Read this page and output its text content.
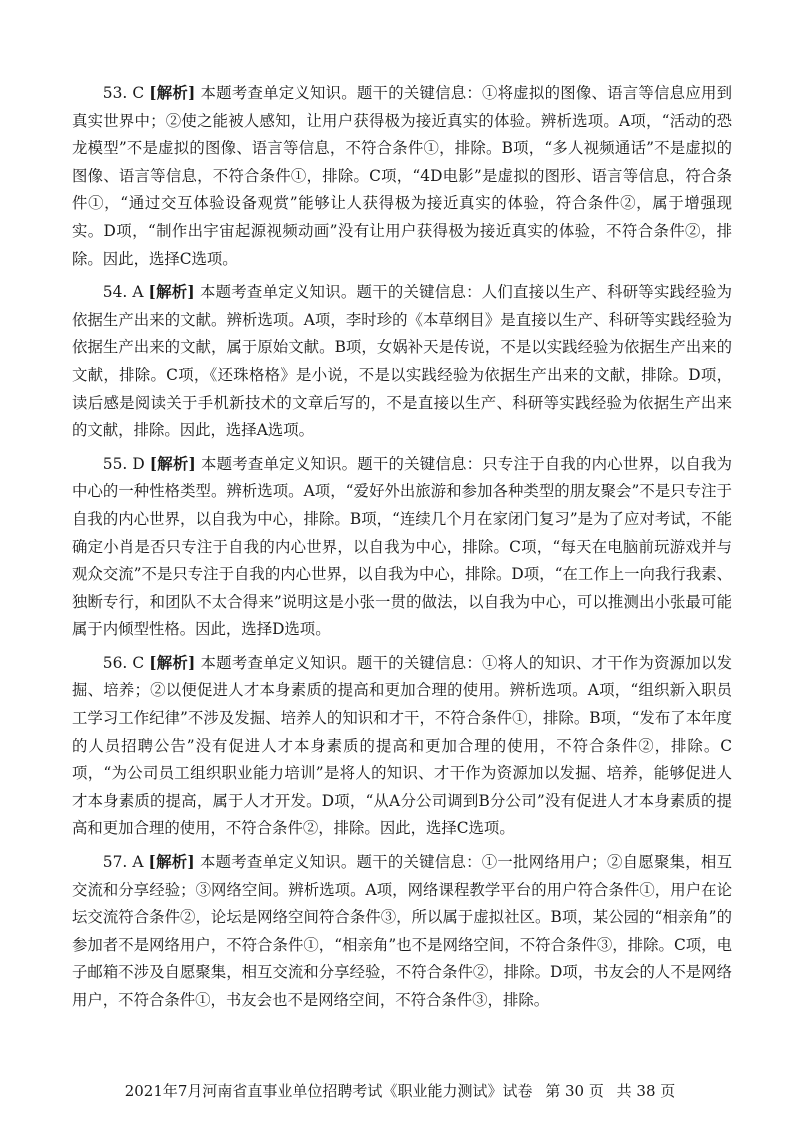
53. C [解析] 本题考查单定义知识。题干的关键信息：①将虚拟的图像、语言等信息应用到真实世界中；②使之能被人感知，让用户获得极为接近真实的体验。辨析选项。A项，“活动的恐龙模型”不是虚拟的图像、语言等信息，不符合条件①，排除。B项，“多人视频通话”不是虚拟的图像、语言等信息，不符合条件①，排除。C项，“4D电影”是虚拟的图形、语言等信息，符合条件①，“通过交互体验设备观赏”能够让人获得极为接近真实的体验，符合条件②，属于增强现实。D项，“制作出宇宙起源视频动画”没有让用户获得极为接近真实的体验，不符合条件②，排除。因此，选择C选项。

54. A [解析] 本题考查单定义知识。题干的关键信息：人们直接以生产、科研等实践经验为依据生产出来的文献。辨析选项。A项，李时珍的《本草纲目》是直接以生产、科研等实践经验为依据生产出来的文献，属于原始文献。B项，女娲补天是传说，不是以实践经验为依据生产出来的文献，排除。C项，《还珠格格》是小说，不是以实践经验为依据生产出来的文献，排除。D项，读后感是阅读关于手机新技术的文章后写的，不是直接以生产、科研等实践经验为依据生产出来的文献，排除。因此，选择A选项。

55. D [解析] 本题考查单定义知识。题干的关键信息：只专注于自我的内心世界，以自我为中心的一种性格类型。辨析选项。A项，“爱好外出旅游和参加各种类型的朋友聚会”不是只专注于自我的内心世界，以自我为中心，排除。B项，“连续几个月在家闭门复习”是为了应对考试，不能确定小肖是否只专注于自我的内心世界，以自我为中心，排除。C项，“每天在电脑前玩游戏并与观众交流”不是只专注于自我的内心世界，以自我为中心，排除。D项，“在工作上一向我行我素、独断专行，和团队不太合得来”说明这是小张一贯的做法，以自我为中心，可以推测出小张最可能属于内倾型性格。因此，选择D选项。

56. C [解析] 本题考查单定义知识。题干的关键信息：①将人的知识、才干作为资源加以发掘、培养；②以便促进人才本身素质的提高和更加合理的使用。辨析选项。A项，“组织新入职员工学习工作纪律”不涉及发掘、培养人的知识和才干，不符合条件①，排除。B项，“发布了本年度的人员招聘公告”没有促进人才本身素质的提高和更加合理的使用，不符合条件②，排除。C项，“为公司员工组织职业能力培训”是将人的知识、才干作为资源加以发掘、培养，能够促进人才本身素质的提高，属于人才开发。D项，“从A分公司调到B分公司”没有促进人才本身素质的提高和更加合理的使用，不符合条件②，排除。因此，选择C选项。

57. A [解析] 本题考查单定义知识。题干的关键信息：①一批网络用户；②自愿聚集，相互交流和分享经验；③网络空间。辨析选项。A项，网络课程教学平台的用户符合条件①，用户在论坛交流符合条件②，论坛是网络空间符合条件③，所以属于虚拟社区。B项，某公园的“相亲角”的参加者不是网络用户，不符合条件①，“相亲角”也不是网络空间，不符合条件③，排除。C项，电子邮箱不涉及自愿聚集，相互交流和分享经验，不符合条件②，排除。D项，书友会的人不是网络用户，不符合条件①，书友会也不是网络空间，不符合条件③，排除。

2021年7月河南省直事业单位招聘考试《职业能力测试》试卷 第 30 页 共 38 页
